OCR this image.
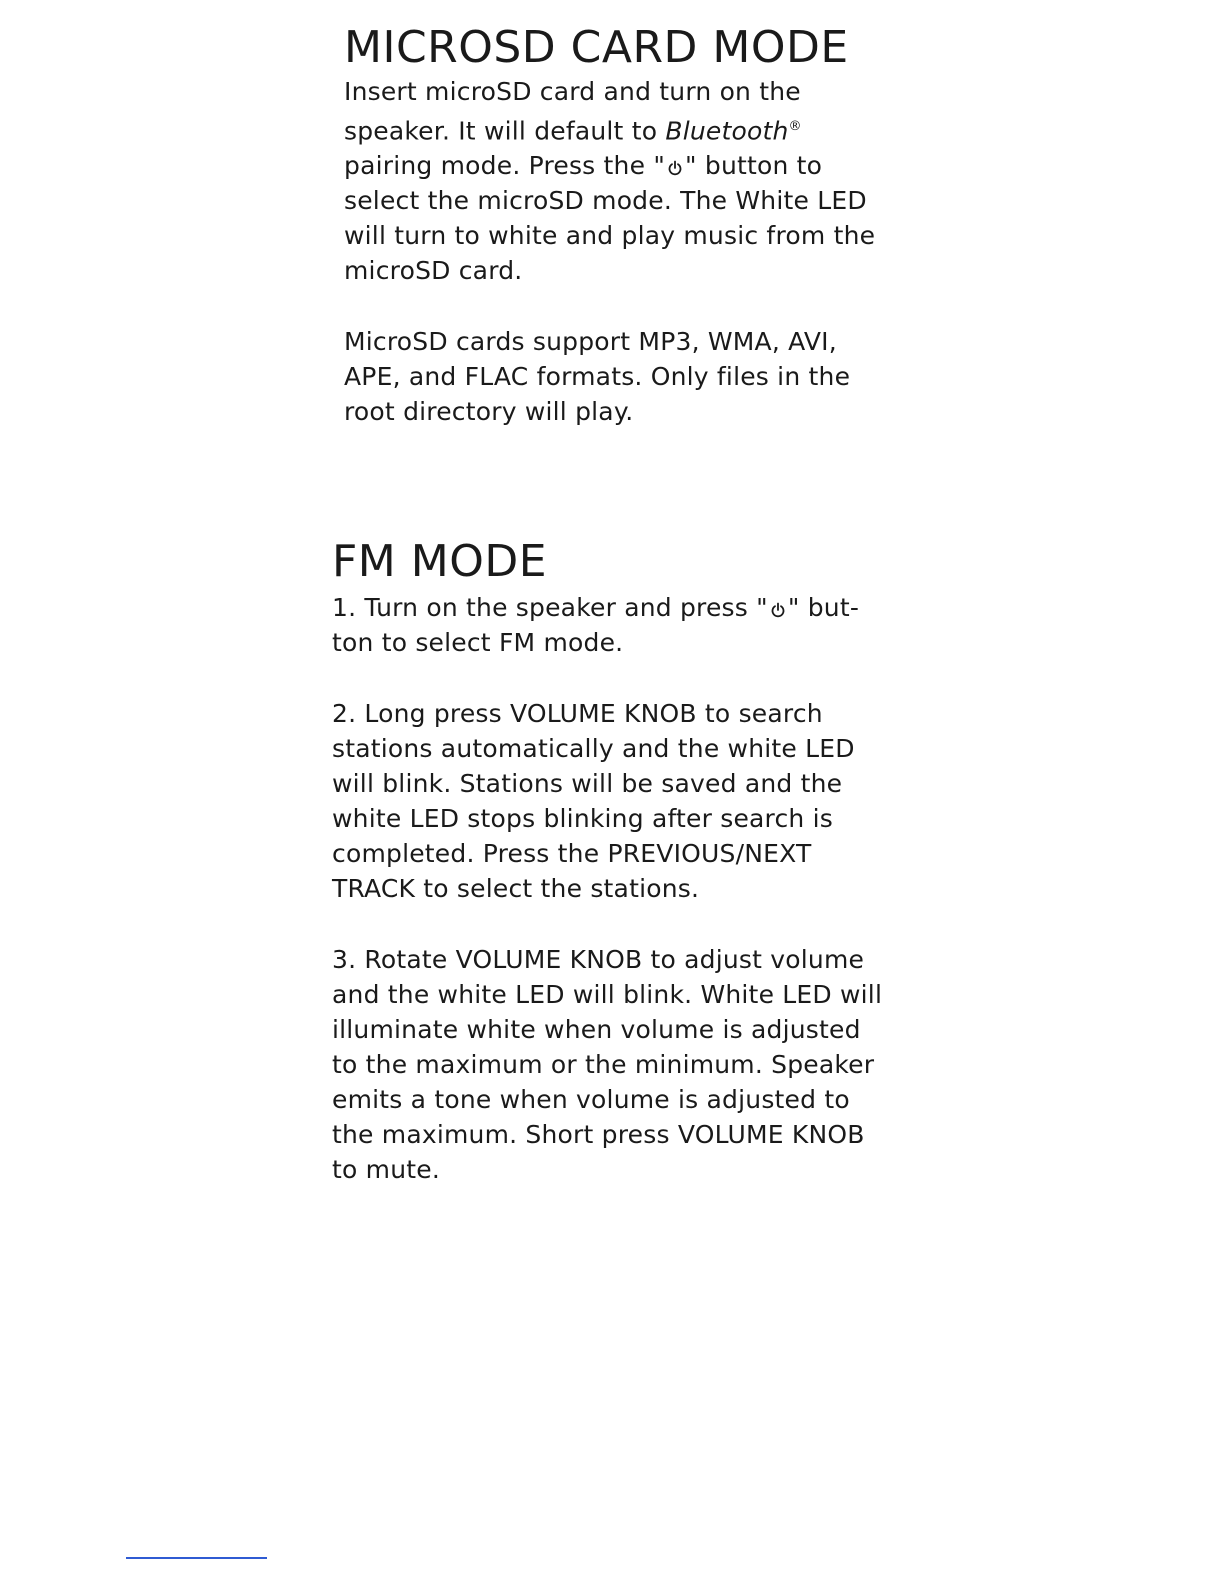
MICROSD CARD MODE

Insert microSD card and turn on the
speaker. It will default to Bluetooth®
pairing mode. Press the " " button to
select the microSD mode. The White LED
will turn to white and play music from the
microSD card.

MicroSD cards support MP3, WMA, AVI,
APE, and FLAC formats. Only files in the
root directory will play.

FM MODE

1. Turn on the speaker and press " " but-
ton to select FM mode.

2. Long press VOLUME KNOB to search
stations automatically and the white LED
will blink. Stations will be saved and the
white LED stops blinking after search is
completed. Press the PREVIOUS/NEXT
TRACK to select the stations.

3. Rotate VOLUME KNOB to adjust volume
and the white LED will blink. White LED will
illuminate white when volume is adjusted
to the maximum or the minimum. Speaker
emits a tone when volume is adjusted to
the maximum. Short press VOLUME KNOB
to mute.
